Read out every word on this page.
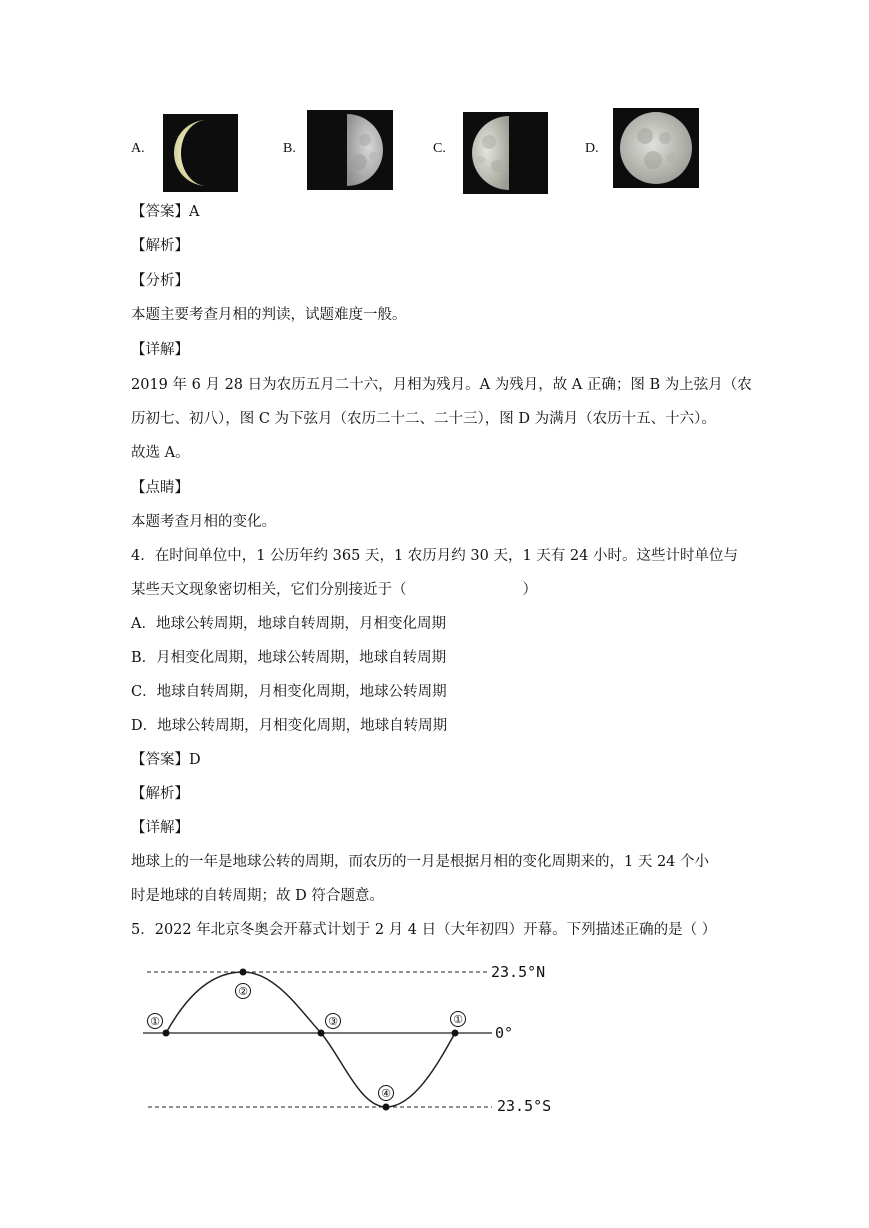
A.	B.	C.	D.
【答案】A
【解析】
【分析】
本题主要考查月相的判读，试题难度一般。
【详解】
2019 年 6 月 28 日为农历五月二十六，月相为残月。A 为残月，故 A 正确；图 B 为上弦月（农
历初七、初八），图 C 为下弦月（农历二十二、二十三），图 D 为满月（农历十五、十六）。
故选 A。
【点睛】
本题考查月相的变化。
4．在时间单位中，1 公历年约 365 天，1 农历月约 30 天，1 天有 24 小时。这些计时单位与
某些天文现象密切相关，它们分别接近于（　　　　　　　　）
A．地球公转周期，地球自转周期，月相变化周期
B．月相变化周期，地球公转周期，地球自转周期
C．地球自转周期，月相变化周期，地球公转周期
D．地球公转周期，月相变化周期，地球自转周期
【答案】D
【解析】
【详解】
地球上的一年是地球公转的周期，而农历的一月是根据月相的变化周期来的，1 天 24 个小
时是地球的自转周期；故 D 符合题意。
5．2022 年北京冬奥会开幕式计划于 2 月 4 日（大年初四）开幕。下列描述正确的是（ ）
①
②
③	①
④
23.5°N
0°
23.5°S
